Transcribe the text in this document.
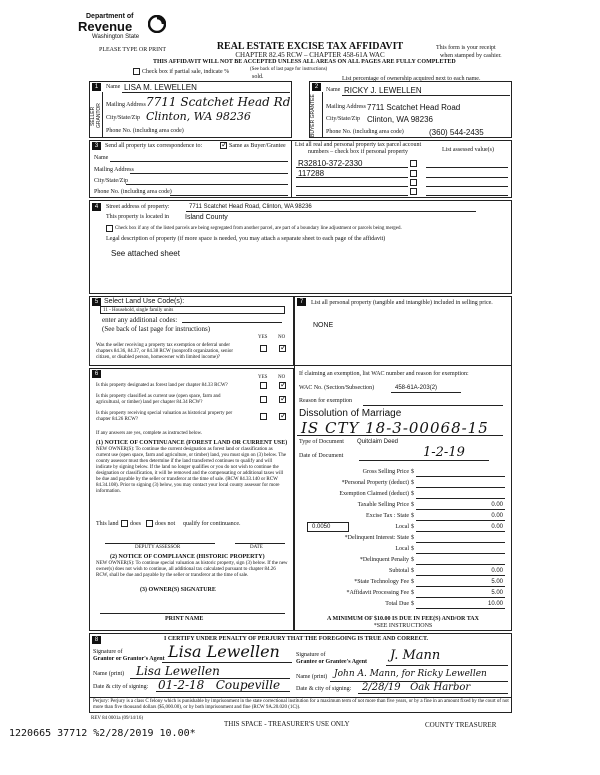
Department of
Revenue
Washington State
PLEASE TYPE OR PRINT	REAL ESTATE EXCISE TAX AFFIDAVIT
CHAPTER 82.45 RCW – CHAPTER 458-61A WAC
THIS AFFIDAVIT WILL NOT BE ACCEPTED UNLESS ALL AREAS ON ALL PAGES ARE FULLY COMPLETED
This form is your receipt
when stamped by cashier.
Check box if partial sale, indicate %
sold.
(See back of last page for instructions)
List percentage of ownership acquired next to each name.
1
SELLER GRANTOR
Name LISA M. LEWELLEN
Mailing Address 7711 Scatchet Head Rd
City/State/Zip Clinton, WA 98236
Phone No. (including area code)
2
BUYER GRANTEE
Name RICKY J. LEWELLEN
Mailing Address 7711 Scatchet Head Road
City/State/Zip Clinton, WA 98236
Phone No. (including area code)	(360) 544-2435
3	Send all property tax correspondence to:
✓	Same as Buyer/Grantee
Name
Mailing Address
City/State/Zip
Phone No. (including area code)
List all real and personal property tax parcel account numbers – check box if personal property	List assessed value(s)
R32810-372-2330
117288
4	Street address of property:	7711 Scatchet Head Road, Clinton, WA 98236
This property is located in Island County
Check box if any of the listed parcels are being segregated from another parcel, are part of a boundary line adjustment or parcels being merged.
Legal description of property (if more space is needed, you may attach a separate sheet to each page of the affidavit)
See attached sheet
5 Select Land Use Code(s):
11 - Household, single family units
enter any additional codes:
(See back of last page for instructions)
YES NO
Was the seller receiving a property tax exemption or deferral under chapters 84.36, 84.37, or 84.38 RCW (nonprofit organization, senior citizen, or disabled person, homeowner with limited income)?
✓
6
YES NO
Is this property designated as forest land per chapter 84.33 RCW?
✓
Is this property classified as current use (open space, farm and agricultural, or timber) land per chapter 84.34 RCW?
✓
Is this property receiving special valuation as historical property per chapter 84.26 RCW?
✓
If any answers are yes, complete as instructed below.
(1) NOTICE OF CONTINUANCE (FOREST LAND OR CURRENT USE)
NEW OWNER(S): To continue the current designation as forest land or classification as current use (open space, farm and agriculture, or timber) land, you must sign on (3) below. The county assessor must then determine if the land transferred continues to qualify and will indicate by signing below. If the land no longer qualifies or you do not wish to continue the designation or classification, it will be removed and the compensating or additional taxes will be due and payable by the seller or transferor at the time of sale. (RCW 84.33.140 or RCW 84.34.108). Prior to signing (3) below, you may contact your local county assessor for more information.
This land does does not qualify for continuance.
DEPUTY ASSESSOR	DATE
(2) NOTICE OF COMPLIANCE (HISTORIC PROPERTY)
NEW OWNER(S): To continue special valuation as historic property, sign (3) below. If the new owner(s) does not wish to continue, all additional tax calculated pursuant to chapter 84.26 RCW, shall be due and payable by the seller or transferor at the time of sale.
(3) OWNER(S) SIGNATURE
PRINT NAME
7	List all personal property (tangible and intangible) included in selling price.
NONE
If claiming an exemption, list WAC number and reason for exemption:
WAC No. (Section/Subsection)	458-61A-203(2)
Reason for exemption
Dissolution of Marriage
IS CTY 18-3-00068-15
Type of Document Quitclaim Deed
Date of Document	1-2-19
Gross Selling Price
*Personal Property (deduct)
Exemption Claimed (deduct)
Taxable Selling Price
Excise Tax : State
Local
*Delinquent Interest: State
Local
*Delinquent Penalty
Subtotal
*State Technology Fee
*Affidavit Processing Fee
Total Due
0.0050
$
$
$
$
$
$
$
$
$
$
$
$
$
0.00
0.00
0.00
0.00
5.00
5.00
10.00
A MINIMUM OF $10.00 IS DUE IN FEE(S) AND/OR TAX
*SEE INSTRUCTIONS
8	I CERTIFY UNDER PENALTY OF PERJURY THAT THE FOREGOING IS TRUE AND CORRECT.
Signature of
Grantor or Grantor's Agent Lisa Lewellen
Name (print) Lisa Lewellen
Date & city of signing: 01-2-18   Coupeville
Signature of
Grantee or Grantee's Agent J. Mann
Name (print) John A. Mann, for Ricky Lewellen
Date & city of signing: 2/28/19   Oak Harbor
Perjury: Perjury is a class C felony which is punishable by imprisonment in the state correctional institution for a maximum term of not more than five years, or by a fine in an amount fixed by the court of not more than five thousand dollars ($5,000.00), or by both imprisonment and fine (RCW 9A.20.020 (1C)).
REV 84 0001a (09/14/16)
THIS SPACE - TREASURER'S USE ONLY	COUNTY TREASURER
1220665 37712 %2/28/2019 10.00*
